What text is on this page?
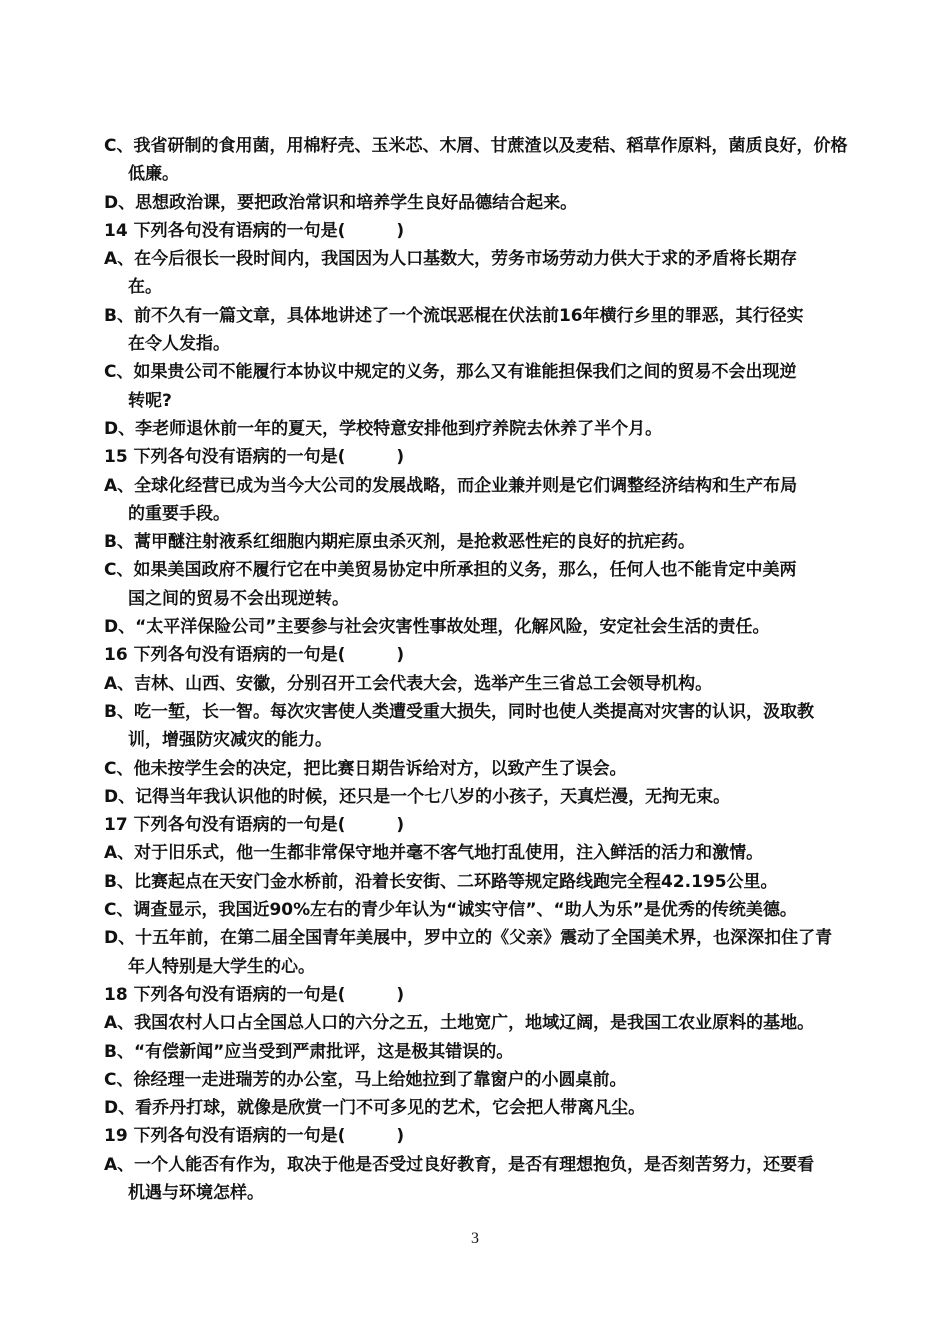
C、我省研制的食用菌，用棉籽壳、玉米芯、木屑、甘蔗渣以及麦秸、稻草作原料，菌质良好，价格
低廉。
D、思想政治课，要把政治常识和培养学生良好品德结合起来。
14 下列各句没有语病的一句是(　　　)
A、在今后很长一段时间内，我国因为人口基数大，劳务市场劳动力供大于求的矛盾将长期存
在。
B、前不久有一篇文章，具体地讲述了一个流氓恶棍在伏法前16年横行乡里的罪恶，其行径实
在令人发指。
C、如果贵公司不能履行本协议中规定的义务，那么又有谁能担保我们之间的贸易不会出现逆
转呢?
D、李老师退休前一年的夏天，学校特意安排他到疗养院去休养了半个月。
15 下列各句没有语病的一句是(　　　)
A、全球化经营已成为当今大公司的发展战略，而企业兼并则是它们调整经济结构和生产布局
的重要手段。
B、蒿甲醚注射液系红细胞内期疟原虫杀灭剂，是抢救恶性疟的良好的抗疟药。
C、如果美国政府不履行它在中美贸易协定中所承担的义务，那么，任何人也不能肯定中美两
国之间的贸易不会出现逆转。
D、“太平洋保险公司”主要参与社会灾害性事故处理，化解风险，安定社会生活的责任。
16 下列各句没有语病的一句是(　　　)
A、吉林、山西、安徽，分别召开工会代表大会，选举产生三省总工会领导机构。
B、吃一堑，长一智。每次灾害使人类遭受重大损失，同时也使人类提高对灾害的认识，汲取教
训，增强防灾减灾的能力。
C、他未按学生会的决定，把比赛日期告诉给对方，以致产生了误会。
D、记得当年我认识他的时候，还只是一个七八岁的小孩子，天真烂漫，无拘无束。
17 下列各句没有语病的一句是(　　　)
A、对于旧乐式，他一生都非常保守地并毫不客气地打乱使用，注入鲜活的活力和激情。
B、比赛起点在天安门金水桥前，沿着长安街、二环路等规定路线跑完全程42.195公里。
C、调查显示，我国近90%左右的青少年认为“诚实守信”、“助人为乐”是优秀的传统美德。
D、十五年前，在第二届全国青年美展中，罗中立的《父亲》震动了全国美术界，也深深扣住了青
年人特别是大学生的心。
18 下列各句没有语病的一句是(　　　)
A、我国农村人口占全国总人口的六分之五，土地宽广，地域辽阔，是我国工农业原料的基地。
B、“有偿新闻”应当受到严肃批评，这是极其错误的。
C、徐经理一走进瑞芳的办公室，马上给她拉到了靠窗户的小圆桌前。
D、看乔丹打球，就像是欣赏一门不可多见的艺术，它会把人带离凡尘。
19 下列各句没有语病的一句是(　　　)
A、一个人能否有作为，取决于他是否受过良好教育，是否有理想抱负，是否刻苦努力，还要看
机遇与环境怎样。
3
